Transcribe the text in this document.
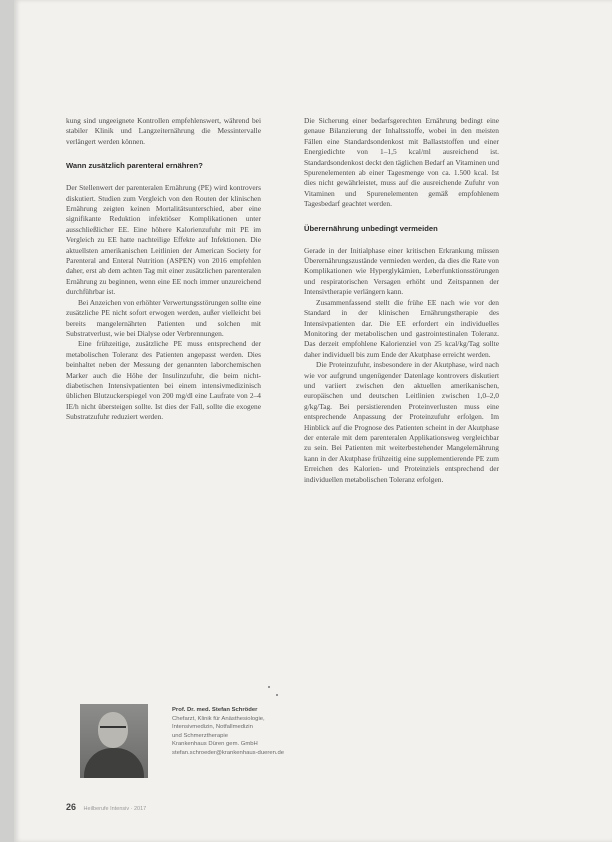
kung sind ungeeignete Kontrollen empfehlenswert, während bei stabiler Klinik und Langzeiternährung die Messintervalle verlängert werden können.

Wann zusätzlich parenteral ernähren?

Der Stellenwert der parenteralen Ernährung (PE) wird kontrovers diskutiert. Studien zum Vergleich von den Routen der klinischen Ernährung zeigten keinen Mortalitätsunterschied, aber eine signifikante Reduktion infektiöser Komplikationen unter ausschließlicher EE. Eine höhere Kalorienzufuhr mit PE im Vergleich zu EE hatte nachteilige Effekte auf Infektionen. Die aktuellsten amerikanischen Leitlinien der American Society for Parenteral and Enteral Nutrition (ASPEN) von 2016 empfehlen daher, erst ab dem achten Tag mit einer zusätzlichen parenteralen Ernährung zu beginnen, wenn eine EE noch immer unzureichend durchführbar ist.

Bei Anzeichen von erhöhter Verwertungsstörungen sollte eine zusätzliche PE nicht sofort erwogen werden, außer vielleicht bei bereits mangelernährten Patienten und solchen mit Substratverlust, wie bei Dialyse oder Verbrennungen.

Eine frühzeitige, zusätzliche PE muss entsprechend der metabolischen Toleranz des Patienten angepasst werden. Dies beinhaltet neben der Messung der genannten laborchemischen Marker auch die Höhe der Insulinzufuhr, die beim nicht-diabetischen Intensivpatienten bei einem intensivmedizinisch üblichen Blutzuckerspiegel von 200 mg/dl eine Laufrate von 2–4 IE/h nicht übersteigen sollte. Ist dies der Fall, sollte die exogene Substratzufuhr reduziert werden.

Die Sicherung einer bedarfsgerechten Ernährung bedingt eine genaue Bilanzierung der Inhaltsstoffe, wobei in den meisten Fällen eine Standardsondenkost mit Ballaststoffen und einer Energiedichte von 1–1,5 kcal/ml ausreichend ist. Standardsondenkost deckt den täglichen Bedarf an Vitaminen und Spurenelementen ab einer Tagesmenge von ca. 1.500 kcal. Ist dies nicht gewährleistet, muss auf die ausreichende Zufuhr von Vitaminen und Spurenelementen gemäß empfohlenem Tagesbedarf geachtet werden.

Überernährung unbedingt vermeiden

Gerade in der Initialphase einer kritischen Erkrankung müssen Überernährungszustände vermieden werden, da dies die Rate von Komplikationen wie Hyperglykämien, Leberfunktionsstörungen und respiratorischen Versagen erhöht und Zeitspannen der Intensivtherapie verlängern kann.

Zusammenfassend stellt die frühe EE nach wie vor den Standard in der klinischen Ernährungstherapie des Intensivpatienten dar. Die EE erfordert ein individuelles Monitoring der metabolischen und gastrointestinalen Toleranz. Das derzeit empfohlene Kalorienziel von 25 kcal/kg/Tag sollte daher individuell bis zum Ende der Akutphase erreicht werden.

Die Proteinzufuhr, insbesondere in der Akutphase, wird nach wie vor aufgrund ungenügender Datenlage kontrovers diskutiert und variiert zwischen den aktuellen amerikanischen, europäischen und deutschen Leitlinien zwischen 1,0–2,0 g/kg/Tag. Bei persistierenden Proteinverlusten muss eine entsprechende Anpassung der Proteinzufuhr erfolgen. Im Hinblick auf die Prognose des Patienten scheint in der Akutphase der enterale mit dem parenteralen Applikationsweg vergleichbar zu sein. Bei Patienten mit weiterbestehender Mangelernährung kann in der Akutphase frühzeitig eine supplementierende PE zum Erreichen des Kalorien- und Proteinziels entsprechend der individuellen metabolischen Toleranz erfolgen.

Prof. Dr. med. Stefan Schröder
Chefarzt, Klinik für Anästhesiologie,
Intensivmedizin, Notfallmedizin
und Schmerztherapie
Krankenhaus Düren gem. GmbH
stefan.schroeder@krankenhaus-dueren.de
26 Heilberufe Intensiv · 2017
